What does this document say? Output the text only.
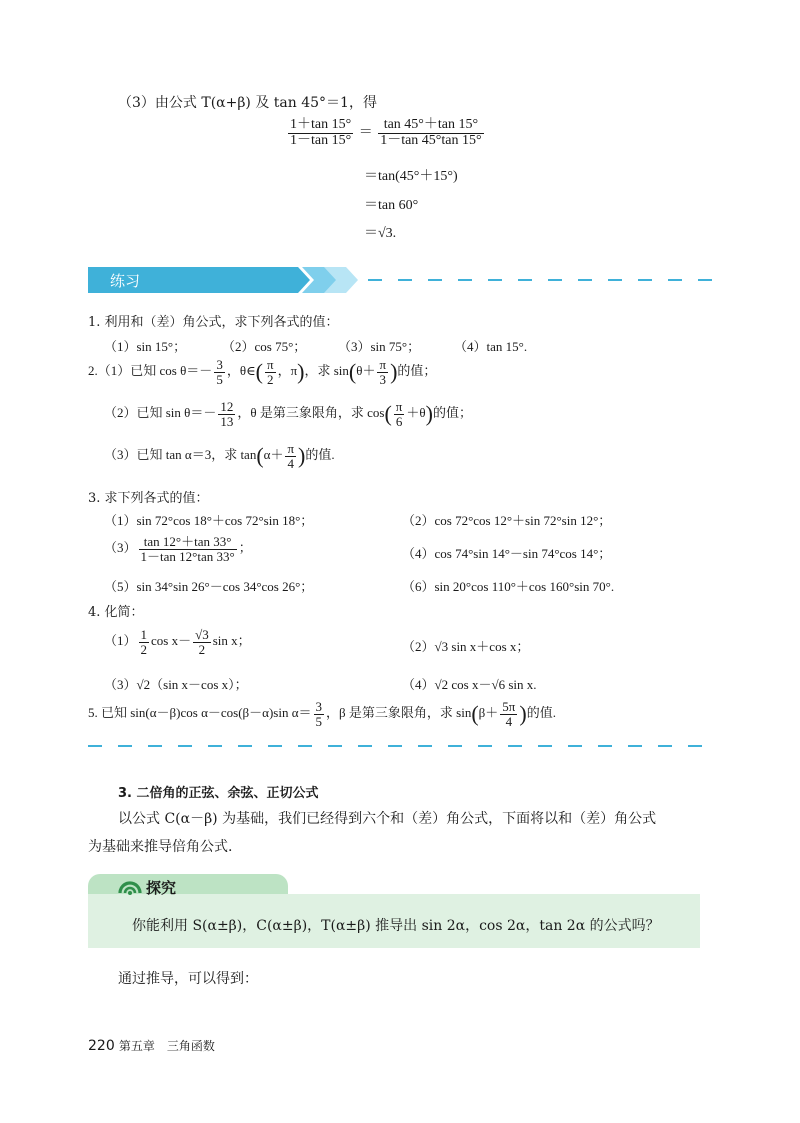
（3）由公式 T(α+β) 及 tan 45°＝1，得
$\frac{1+\tan 15^\circ}{1-\tan 15^\circ} = \frac{\tan 45^\circ+\tan 15^\circ}{1-\tan 45^\circ\tan 15^\circ}$
＝tan(45°＋15°)
＝tan 60°
＝√3.
练习
1. 利用和（差）角公式，求下列各式的值：
（1）sin 15°；	（2）cos 75°； （3）sin 75°；	（4）tan 15°.
2.（1）已知 $\cos \theta=- \frac{3}{5}$ ，θ∈( $\frac{\pi}{2}$ ，π)，求 $\sin(\theta+ \frac{\pi}{3}$ )的值；
（2）已知 $\sin \theta=- \frac{12}{13}$ ，θ 是第三象限角，求 $\cos( \frac{\pi}{6} +\theta)$的值；
（3）已知 tan α＝3，求 $\tan(\alpha+ \frac{\pi}{4}$ )的值.
3. 求下列各式的值：
（1）sin 72°cos 18°＋cos 72°sin 18°；	（2）cos 72°cos 12°＋sin 72°sin 12°；
$(3) \frac{\tan 12^\circ+\tan 33^\circ}{1-\tan 12^\circ\tan 33^\circ}$ ；	（4）cos 74°sin 14°－sin 74°cos 14°；
（5）sin 34°sin 26°－cos 34°cos 26°；	（6）sin 20°cos 110°＋cos 160°sin 70°.
4. 化简：
$(1) \frac{1}{2}$ $\cos x- \frac{√3}{2}$ sin x；	（2）√3 sin x＋cos x；
（3）√2（sin x－cos x）；	（4）√2 cos x－√6 sin x.
5. 已知 sin(α－β)cos α－cos(β－α)sin $\alpha= \frac{3}{5}$ ，β 是第三象限角，求 $\sin(\beta+ \frac{5\pi}{4}$ )的值.
3. 二倍角的正弦、余弦、正切公式
以公式 C(α－β) 为基础，我们已经得到六个和（差）角公式，下面将以和（差）角公式
为基础来推导倍角公式.
探究
你能利用 S(α±β)，C(α±β)，T(α±β) 推导出 sin 2α，cos 2α，tan 2α 的公式吗？
通过推导，可以得到：
220 第五章　三角函数
